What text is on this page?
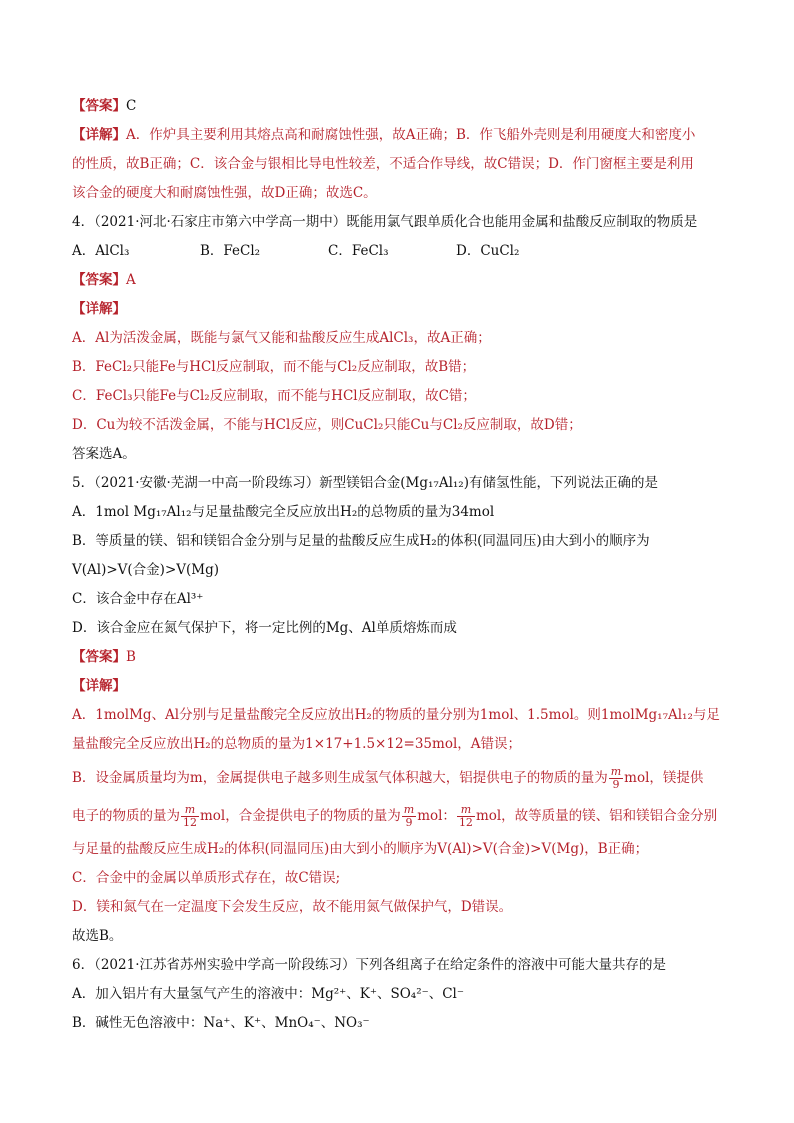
【答案】C
【详解】A．作炉具主要利用其熔点高和耐腐蚀性强，故A正确；B．作飞船外壳则是利用硬度大和密度小
的性质，故B正确；C．该合金与银相比导电性较差，不适合作导线，故C错误；D．作门窗框主要是利用
该合金的硬度大和耐腐蚀性强，故D正确；故选C。
4．（2021·河北·石家庄市第六中学高一期中）既能用氯气跟单质化合也能用金属和盐酸反应制取的物质是
A．AlCl₃	B．FeCl₂	C．FeCl₃	D．CuCl₂
【答案】A
【详解】
A．Al为活泼金属，既能与氯气又能和盐酸反应生成AlCl₃，故A正确；
B．FeCl₂只能Fe与HCl反应制取，而不能与Cl₂反应制取，故B错；
C．FeCl₃只能Fe与Cl₂反应制取，而不能与HCl反应制取，故C错；
D．Cu为较不活泼金属，不能与HCl反应，则CuCl₂只能Cu与Cl₂反应制取，故D错；
答案选A。
5．（2021·安徽·芜湖一中高一阶段练习）新型镁铝合金(Mg₁₇Al₁₂)有储氢性能，下列说法正确的是
A．1mol Mg₁₇Al₁₂与足量盐酸完全反应放出H₂的总物质的量为34mol
B．等质量的镁、铝和镁铝合金分别与足量的盐酸反应生成H₂的体积(同温同压)由大到小的顺序为
V(Al)>V(合金)>V(Mg)
C．该合金中存在Al³⁺
D．该合金应在氮气保护下，将一定比例的Mg、Al单质熔炼而成
【答案】B
【详解】
A．1molMg、Al分别与足量盐酸完全反应放出H₂的物质的量分别为1mol、1.5mol。则1molMg₁₇Al₁₂与足
量盐酸完全反应放出H₂的总物质的量为1×17+1.5×12=35mol，A错误；
B．设金属质量均为m，金属提供电子越多则生成氢气体积越大，铝提供电子的物质的量为 $\frac{m}{9}$ mol，镁提供
电子的物质的量为 $\frac{m}{12}$ mol，合金提供电子的物质的量为 $\frac{m}{9}$ mol： $\frac{m}{12}$ mol，故等质量的镁、铝和镁铝合金分别
与足量的盐酸反应生成H₂的体积(同温同压)由大到小的顺序为V(Al)>V(合金)>V(Mg)，B正确；
C．合金中的金属以单质形式存在，故C错误;
D．镁和氮气在一定温度下会发生反应，故不能用氮气做保护气，D错误。
故选B。
6．（2021·江苏省苏州实验中学高一阶段练习）下列各组离子在给定条件的溶液中可能大量共存的是
A．加入铝片有大量氢气产生的溶液中：Mg²⁺、K⁺、SO₄²⁻、Cl⁻
B．碱性无色溶液中：Na⁺、K⁺、MnO₄⁻、NO₃⁻
